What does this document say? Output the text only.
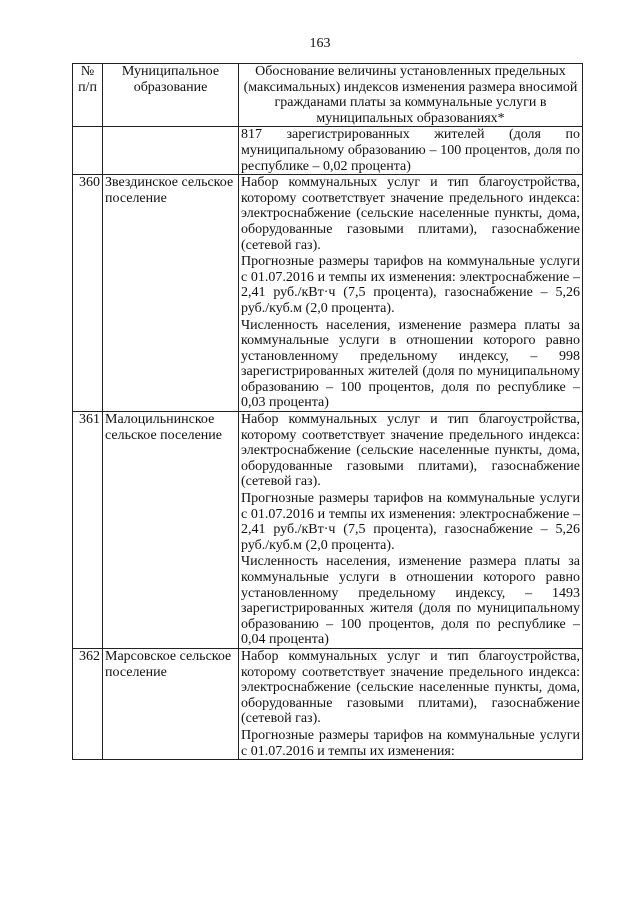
163
№ п/п	Муниципальное образование	Обоснование величины установленных предельных (максимальных) индексов изменения размера вносимой гражданами платы за коммунальные услуги в муниципальных образованиях*

		817 зарегистрированных жителей (доля по муниципальному образованию – 100 процентов, доля по республике – 0,02 процента)

360	Звездинское сельское поселение	Набор коммунальных услуг и тип благоустройства, которому соответствует значение предельного индекса: электроснабжение (сельские населенные пункты, дома, оборудованные газовыми плитами), газоснабжение (сетевой газ).

Прогнозные размеры тарифов на коммунальные услуги с 01.07.2016 и темпы их изменения: электроснабжение – 2,41 руб./кВт·ч (7,5 процента), газоснабжение – 5,26 руб./куб.м (2,0 процента).

Численность населения, изменение размера платы за коммунальные услуги в отношении которого равно установленному предельному индексу, – 998 зарегистрированных жителей (доля по муниципальному образованию – 100 процентов, доля по республике – 0,03 процента)

361	Малоцильнинское сельское поселение	Набор коммунальных услуг и тип благоустройства, которому соответствует значение предельного индекса: электроснабжение (сельские населенные пункты, дома, оборудованные газовыми плитами), газоснабжение (сетевой газ).

Прогнозные размеры тарифов на коммунальные услуги с 01.07.2016 и темпы их изменения: электроснабжение – 2,41 руб./кВт·ч (7,5 процента), газоснабжение – 5,26 руб./куб.м (2,0 процента).

Численность населения, изменение размера платы за коммунальные услуги в отношении которого равно установленному предельному индексу, – 1493 зарегистрированных жителя (доля по муниципальному образованию – 100 процентов, доля по республике – 0,04 процента)

362	Марсовское сельское поселение	Набор коммунальных услуг и тип благоустройства, которому соответствует значение предельного индекса: электроснабжение (сельские населенные пункты, дома, оборудованные газовыми плитами), газоснабжение (сетевой газ).

Прогнозные размеры тарифов на коммунальные услуги с 01.07.2016 и темпы их изменения:
